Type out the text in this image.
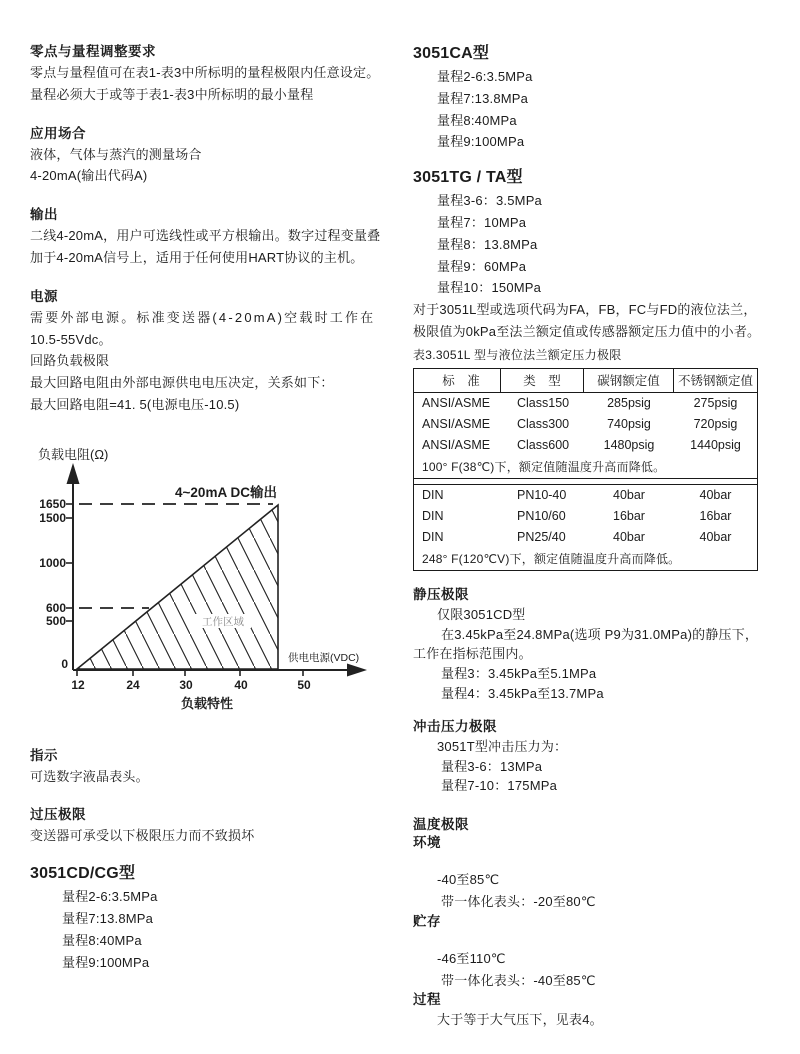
零点与量程调整要求

零点与量程值可在表1-表3中所标明的量程极限内任意设定。

量程必须大于或等于表1-表3中所标明的最小量程

应用场合

液体，气体与蒸汽的测量场合

4-20mA(输出代码A)

输出

二线4-20mA，用户可选线性或平方根输出。数字过程变量叠

加于4-20mA信号上，适用于任何使用HART协议的主机。

电源

需要外部电源。标准变送器(4-20mA)空载时工作在

10.5-55Vdc。

回路负载极限

最大回路电阻由外部电源供电电压决定，关系如下：

最大回路电阻=41. 5(电源电压-10.5)

负载电阻(Ω)
1650
1500
1000
600
500
0
12	24	30	40	50
4~20mA DC输出
工作区域
供电电源(VDC)
负载特性

指示

可选数字液晶表头。

过压极限

变送器可承受以下极限压力而不致损坏

3051CD/CG型

量程2-6:3.5MPa

量程7:13.8MPa

量程8:40MPa

量程9:100MPa

3051CA型

量程2-6:3.5MPa

量程7:13.8MPa

量程8:40MPa

量程9:100MPa

3051TG / TA型

量程3-6：3.5MPa

量程7：10MPa

量程8：13.8MPa

量程9：60MPa

量程10：150MPa

对于3051L型或选项代码为FA，FB，FC与FD的液位法兰，

极限值为0kPa至法兰额定值或传感器额定压力值中的小者。

表3.3051L 型与液位法兰额定压力极限

标　准	类　型	碳钢额定值	不锈钢额定值
ANSI/ASME	Class150	285psig	275psig
ANSI/ASME	Class300	740psig	720psig
ANSI/ASME	Class600	1480psig	1440psig
100° F(38℃)下，额定值随温度升高而降低。
DIN	PN10-40	40bar	40bar
DIN	PN10/60	16bar	16bar
DIN	PN25/40	40bar	40bar
248° F(120℃V)下，额定值随温度升高而降低。

静压极限

仅限3051CD型

在3.45kPa至24.8MPa(选项 P9为31.0MPa)的静压下，

工作在指标范围内。

量程3：3.45kPa至5.1MPa

量程4：3.45kPa至13.7MPa

冲击压力极限

3051T型冲击压力为：

量程3-6：13MPa

量程7-10：175MPa

温度极限

环境

-40至85℃

带一体化表头：-20至80℃

贮存

-46至110℃

带一体化表头：-40至85℃

过程

大于等于大气压下，见表4。
